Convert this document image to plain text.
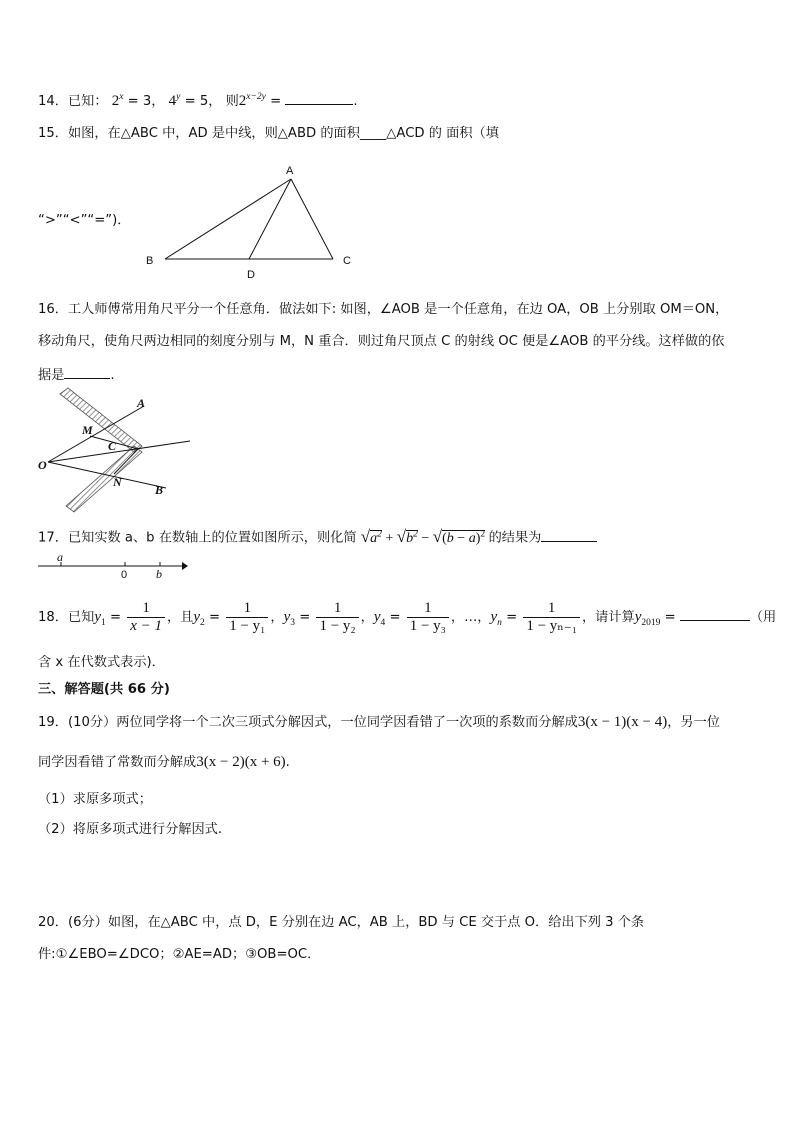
14．已知： $2^x = 3$， $4^y = 5$， 则$2^{x-2y}$ =	.
15．如图，在△ABC 中，AD 是中线，则△ABD 的面积____△ACD 的 面积（填
“>”“<”“=”)．
A
B	C
D
16．工人师傅常用角尺平分一个任意角．做法如下: 如图，∠AOB 是一个任意角，在边 OA，OB 上分别取 OM＝ON，
移动角尺，使角尺两边相同的刻度分别与 M，N 重合．则过角尺顶点 C 的射线 OC 便是∠AOB 的平分线。这样做的依
据是	.
A
M
C
O
N
B
17．已知实数 a、b 在数轴上的位置如图所示，则化简 $√a^2 + √b^2 - √(b - a)^2$ 的结果为
a
0 b
18．已知$y_1 = \frac{1}{x - 1}$ ，且$y_2 = \frac{1}{\text{1 − y₁}}$ ，$y_3 = \frac{1}{\text{1 − y₂}}$ ，$y_4 = \frac{1}{\text{1 − y₃}}$ ，…，$y_n = \frac{1}{\text{1 − yₙ₋₁}}$ ，请计算$y_{2019}$ =	（用
含 x 在代数式表示)．
三、解答题(共 66 分)
19．(10分）两位同学将一个二次三项式分解因式，一位同学因看错了一次项的系数而分解成3(x − 1)(x − 4)，另一位
同学因看错了常数而分解成3(x − 2)(x + 6).
（1）求原多项式；
（2）将原多项式进行分解因式.
20．(6分）如图，在△ABC 中，点 D，E 分别在边 AC，AB 上，BD 与 CE 交于点 O．给出下列 3 个条
件:①∠EBO=∠DCO；②AE=AD；③OB=OC．
